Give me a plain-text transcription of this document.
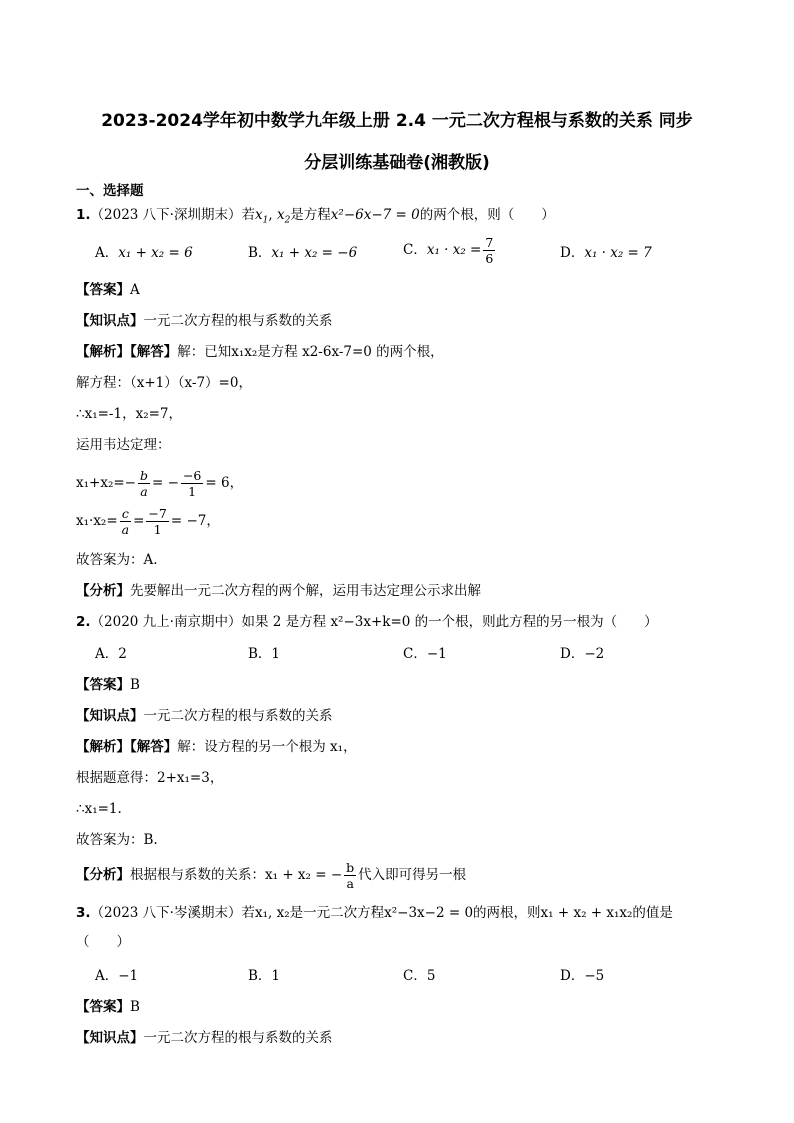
2023-2024学年初中数学九年级上册 2.4 一元二次方程根与系数的关系 同步
分层训练基础卷(湘教版)
一、选择题
1.（2023 八下·深圳期末）若$x_1$, $x_2$是方程x²−6x−7 = 0的两个根，则（　　）
A．x₁ + x₂ = 6	B．x₁ + x₂ = −6	C．$x_1 \cdot x_2 = \frac{7}{6}$	D．x₁ · x₂ = 7
【答案】A
【知识点】一元二次方程的根与系数的关系
【解析】【解答】解：已知x₁x₂是方程 x2-6x-7=0 的两个根，
解方程：（x+1）（x-7）=0，
∴x₁=-1，x₂=7，
运用韦达定理：
$x_1+x_2=- \frac{b}{a}$ = − $\frac{-6}{1} = 6$，
$x_1\cdot x_2= \frac{c}{a} = \frac{-7}{1} = -7$，
故答案为：A.
【分析】先要解出一元二次方程的两个解，运用韦达定理公示求出解
2.（2020 九上·南京期中）如果 2 是方程 x²−3x+k=0 的一个根，则此方程的另一根为（　　）
A．2	B．1	C．−1	D．−2
【答案】B
【知识点】一元二次方程的根与系数的关系
【解析】【解答】解：设方程的另一个根为 x₁，
根据题意得：2+x₁=3，
∴x₁=1.
故答案为：B.
【分析】根据根与系数的关系：x₁ + x₂ = − $\frac{b}{a}$ 代入即可得另一根
3.（2023 八下·岑溪期末）若x₁, x₂是一元二次方程x²−3x−2 = 0的两根，则x₁ + x₂ + x₁x₂的值是
（　　）
A．−1	B．1	C．5	D．−5
【答案】B
【知识点】一元二次方程的根与系数的关系
